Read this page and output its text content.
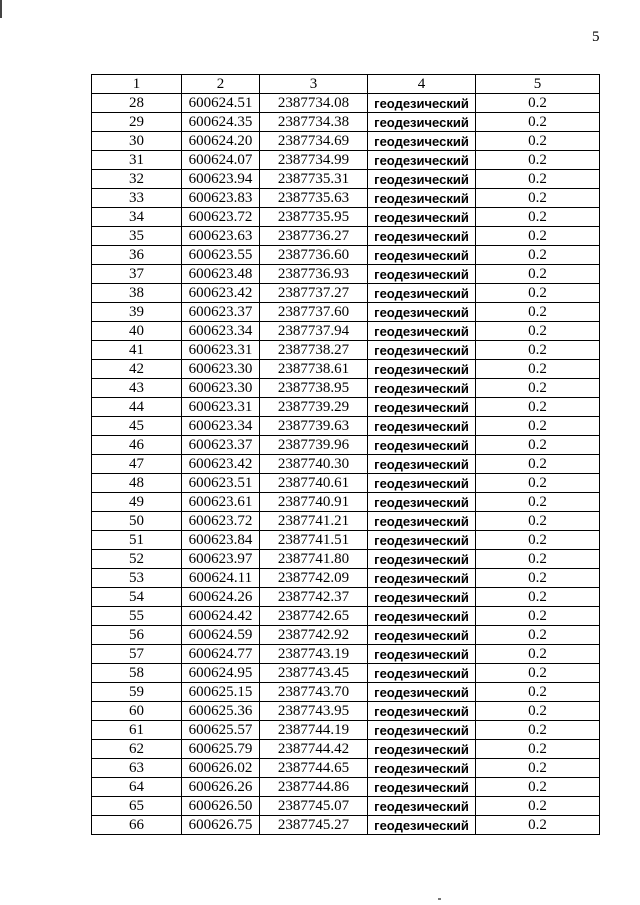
5
1	2	3	4	5
28	600624.51	2387734.08	геодезический	0.2
29	600624.35	2387734.38	геодезический	0.2
30	600624.20	2387734.69	геодезический	0.2
31	600624.07	2387734.99	геодезический	0.2
32	600623.94	2387735.31	геодезический	0.2
33	600623.83	2387735.63	геодезический	0.2
34	600623.72	2387735.95	геодезический	0.2
35	600623.63	2387736.27	геодезический	0.2
36	600623.55	2387736.60	геодезический	0.2
37	600623.48	2387736.93	геодезический	0.2
38	600623.42	2387737.27	геодезический	0.2
39	600623.37	2387737.60	геодезический	0.2
40	600623.34	2387737.94	геодезический	0.2
41	600623.31	2387738.27	геодезический	0.2
42	600623.30	2387738.61	геодезический	0.2
43	600623.30	2387738.95	геодезический	0.2
44	600623.31	2387739.29	геодезический	0.2
45	600623.34	2387739.63	геодезический	0.2
46	600623.37	2387739.96	геодезический	0.2
47	600623.42	2387740.30	геодезический	0.2
48	600623.51	2387740.61	геодезический	0.2
49	600623.61	2387740.91	геодезический	0.2
50	600623.72	2387741.21	геодезический	0.2
51	600623.84	2387741.51	геодезический	0.2
52	600623.97	2387741.80	геодезический	0.2
53	600624.11	2387742.09	геодезический	0.2
54	600624.26	2387742.37	геодезический	0.2
55	600624.42	2387742.65	геодезический	0.2
56	600624.59	2387742.92	геодезический	0.2
57	600624.77	2387743.19	геодезический	0.2
58	600624.95	2387743.45	геодезический	0.2
59	600625.15	2387743.70	геодезический	0.2
60	600625.36	2387743.95	геодезический	0.2
61	600625.57	2387744.19	геодезический	0.2
62	600625.79	2387744.42	геодезический	0.2
63	600626.02	2387744.65	геодезический	0.2
64	600626.26	2387744.86	геодезический	0.2
65	600626.50	2387745.07	геодезический	0.2
66	600626.75	2387745.27	геодезический	0.2
